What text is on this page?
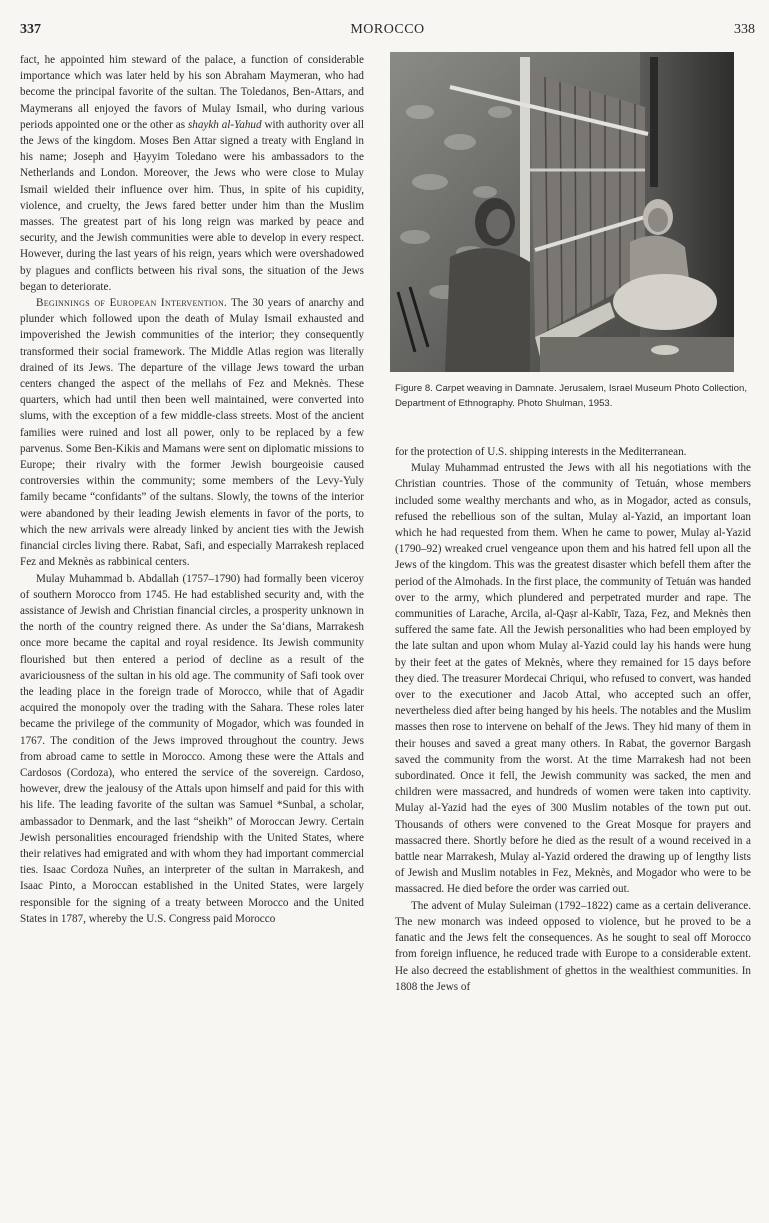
337	MOROCCO	338

fact, he appointed him steward of the palace, a function of considerable importance which was later held by his son Abraham Maymeran, who had become the principal favorite of the sultan. The Toledanos, Ben-Attars, and Maymerans all enjoyed the favors of Mulay Ismail, who during various periods appointed one or the other as shaykh al-Yahud with authority over all the Jews of the kingdom. Moses Ben Attar signed a treaty with England in his name; Joseph and Ḥayyim Toledano were his ambassadors to the Netherlands and London. Moreover, the Jews who were close to Mulay Ismail wielded their influence over him. Thus, in spite of his cupidity, violence, and cruelty, the Jews fared better under him than the Muslim masses. The greatest part of his long reign was marked by peace and security, and the Jewish communities were able to develop in every respect. However, during the last years of his reign, years which were overshadowed by plagues and conflicts between his rival sons, the situation of the Jews began to deteriorate.

Beginnings of European Intervention. The 30 years of anarchy and plunder which followed upon the death of Mulay Ismail exhausted and impoverished the Jewish communities of the interior; they consequently transformed their social framework. The Middle Atlas region was literally drained of its Jews. The departure of the village Jews toward the urban centers changed the aspect of the mellahs of Fez and Meknès. These quarters, which had until then been well maintained, were converted into slums, with the exception of a few middle-class streets. Most of the ancient families were ruined and lost all power, only to be replaced by a few parvenus. Some Ben-Kikis and Mamans were sent on diplomatic missions to Europe; their rivalry with the former Jewish bourgeoisie caused controversies within the community; some members of the Levy-Yuly family became “confidants” of the sultans. Slowly, the towns of the interior were abandoned by their leading Jewish elements in favor of the ports, to which the new arrivals were already linked by ancient ties with the Jewish financial circles living there. Rabat, Safi, and especially Marrakesh replaced Fez and Meknès as rabbinical centers.

Mulay Muhammad b. Abdallah (1757–1790) had formally been viceroy of southern Morocco from 1745. He had established security and, with the assistance of Jewish and Christian financial circles, a prosperity unknown in the north of the country reigned there. As under the Sa‘dians, Marrakesh once more became the capital and royal residence. Its Jewish community flourished but then entered a period of decline as a result of the avariciousness of the sultan in his old age. The community of Safi took over the leading place in the foreign trade of Morocco, while that of Agadir acquired the monopoly over the trading with the Sahara. These roles later became the privilege of the community of Mogador, which was founded in 1767. The condition of the Jews improved throughout the country. Jews from abroad came to settle in Morocco. Among these were the Attals and Cardosos (Cordoza), who entered the service of the sovereign. Cardoso, however, drew the jealousy of the Attals upon himself and paid for this with his life. The leading favorite of the sultan was Samuel *Sunbal, a scholar, ambassador to Denmark, and the last “sheikh” of Moroccan Jewry. Certain Jewish personalities encouraged friendship with the United States, where their relatives had emigrated and with whom they had important commercial ties. Isaac Cordoza Nuñes, an interpreter of the sultan in Marrakesh, and Isaac Pinto, a Moroccan established in the United States, were largely responsible for the signing of a treaty between Morocco and the United States in 1787, whereby the U.S. Congress paid Morocco

Figure 8. Carpet weaving in Damnate. Jerusalem, Israel Museum Photo Collection, Department of Ethnography. Photo Shulman, 1953.

for the protection of U.S. shipping interests in the Mediterranean.

Mulay Muhammad entrusted the Jews with all his negotiations with the Christian countries. Those of the community of Tetuán, whose members included some wealthy merchants and who, as in Mogador, acted as consuls, refused the rebellious son of the sultan, Mulay al-Yazid, an important loan which he had requested from them. When he came to power, Mulay al-Yazid (1790–92) wreaked cruel vengeance upon them and his hatred fell upon all the Jews of the kingdom. This was the greatest disaster which befell them after the period of the Almohads. In the first place, the community of Tetuán was handed over to the army, which plundered and perpetrated murder and rape. The communities of Larache, Arcila, al-Qaṣr al-Kabīr, Taza, Fez, and Meknès then suffered the same fate. All the Jewish personalities who had been employed by the late sultan and upon whom Mulay al-Yazid could lay his hands were hung by their feet at the gates of Meknès, where they remained for 15 days before they died. The treasurer Mordecai Chriqui, who refused to convert, was handed over to the executioner and Jacob Attal, who accepted such an offer, nevertheless died after being hanged by his heels. The notables and the Muslim masses then rose to intervene on behalf of the Jews. They hid many of them in their houses and saved a great many others. In Rabat, the governor Bargash saved the community from the worst. At the time Marrakesh had not been subordinated. Once it fell, the Jewish community was sacked, the men and children were massacred, and hundreds of women were taken into captivity. Mulay al-Yazid had the eyes of 300 Muslim notables of the town put out. Thousands of others were convened to the Great Mosque for prayers and massacred there. Shortly before he died as the result of a wound received in a battle near Marrakesh, Mulay al-Yazid ordered the drawing up of lengthy lists of Jewish and Muslim notables in Fez, Meknès, and Mogador who were to be massacred. He died before the order was carried out.

The advent of Mulay Suleiman (1792–1822) came as a certain deliverance. The new monarch was indeed opposed to violence, but he proved to be a fanatic and the Jews felt the consequences. As he sought to seal off Morocco from foreign influence, he reduced trade with Europe to a considerable extent. He also decreed the establishment of ghettos in the wealthiest communities. In 1808 the Jews of
